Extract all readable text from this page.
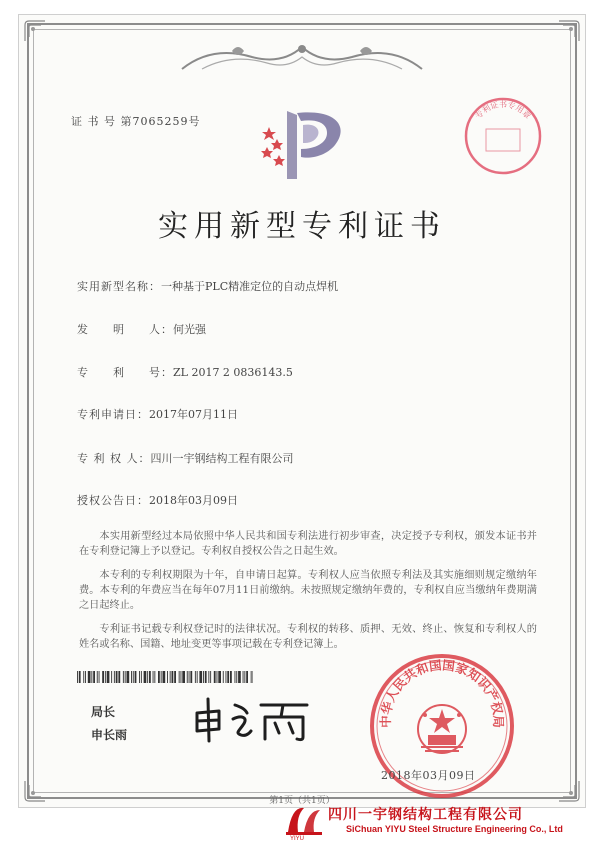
证 书 号 第7065259号
专利证书专用章
实用新型专利证书
实用新型名称：一种基于PLC精准定位的自动点焊机
发　　明　　人：何光强
专　　利　　号：ZL 2017 2 0836143.5
专利申请日：2017年07月11日
专 利 权 人：四川一宇钢结构工程有限公司
授权公告日：2018年03月09日

本实用新型经过本局依照中华人民共和国专利法进行初步审查，决定授予专利权，颁发本证书并在专利登记簿上予以登记。专利权自授权公告之日起生效。

本专利的专利权期限为十年，自申请日起算。专利权人应当依照专利法及其实施细则规定缴纳年费。本专利的年费应当在每年07月11日前缴纳。未按照规定缴纳年费的，专利权自应当缴纳年费期满之日起终止。

专利证书记载专利权登记时的法律状况。专利权的转移、质押、无效、终止、恢复和专利权人的姓名或名称、国籍、地址变更等事项记载在专利登记簿上。

局长
申长雨
中华人民共和国国家知识产权局
2018年03月09日
第1页（共1页）
YIYU
四川一宇钢结构工程有限公司
SiChuan YIYU Steel Structure Engineering Co., Ltd
